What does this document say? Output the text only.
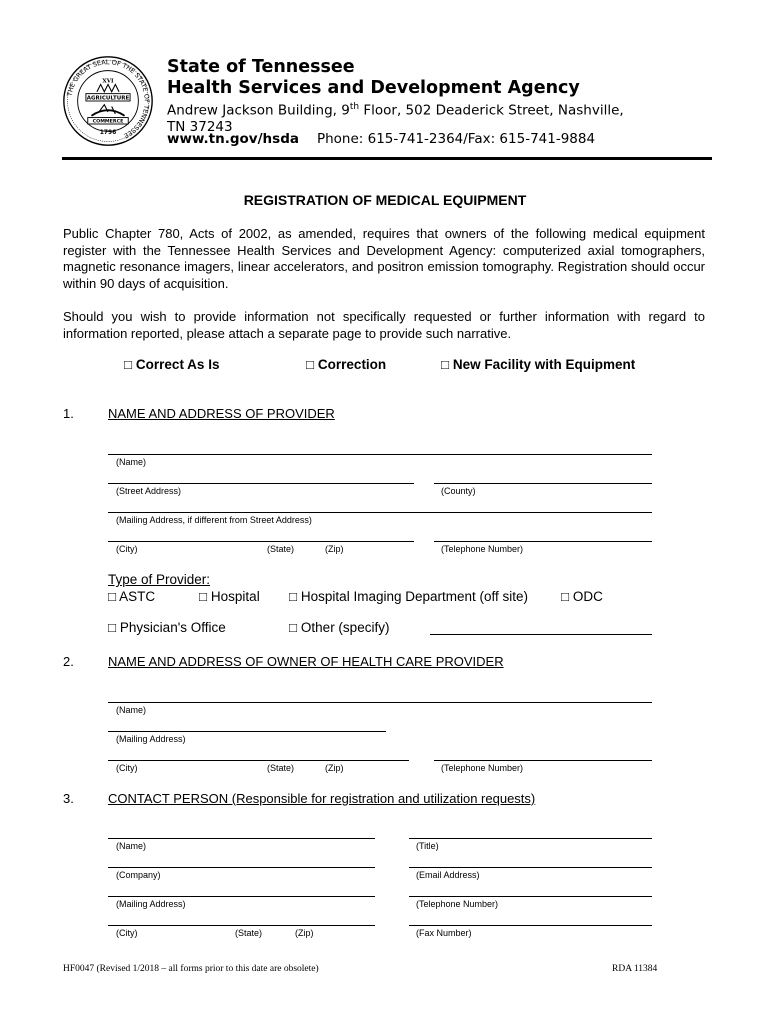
THE GREAT SEAL OF THE STATE OF TENNESSEE
XVI
AGRICULTURE
COMMERCE
1796
State of Tennessee
Health Services and Development Agency
Andrew Jackson Building, 9th Floor, 502 Deaderick Street, Nashville,
TN 37243
www.tn.gov/hsda Phone: 615-741-2364/Fax: 615-741-9884
REGISTRATION OF MEDICAL EQUIPMENT
Public Chapter 780, Acts of 2002, as amended, requires that owners of the following medical equipment register with the Tennessee Health Services and Development Agency: computerized axial tomographers, magnetic resonance imagers, linear accelerators, and positron emission tomography. Registration should occur within 90 days of acquisition.
Should you wish to provide information not specifically requested or further information with regard to information reported, please attach a separate page to provide such narrative.
□ Correct As Is	□ Correction	□ New Facility with Equipment
1.	NAME AND ADDRESS OF PROVIDER
(Name)
(Street Address)	(County)
(Mailing Address, if different from Street Address)
(City)	(State)	(Zip)	(Telephone Number)
Type of Provider:
□ ASTC	□ Hospital □ Hospital Imaging Department (off site) □ ODC
□ Physician's Office	□ Other (specify)
2.	NAME AND ADDRESS OF OWNER OF HEALTH CARE PROVIDER
(Name)
(Mailing Address)
(City)	(State)	(Zip)	(Telephone Number)
3.	CONTACT PERSON (Responsible for registration and utilization requests)
(Name)	(Title)
(Company)	(Email Address)
(Mailing Address)	(Telephone Number)
(City)	(State)	(Zip)	(Fax Number)
HF0047 (Revised 1/2018 – all forms prior to this date are obsolete)	RDA 11384
